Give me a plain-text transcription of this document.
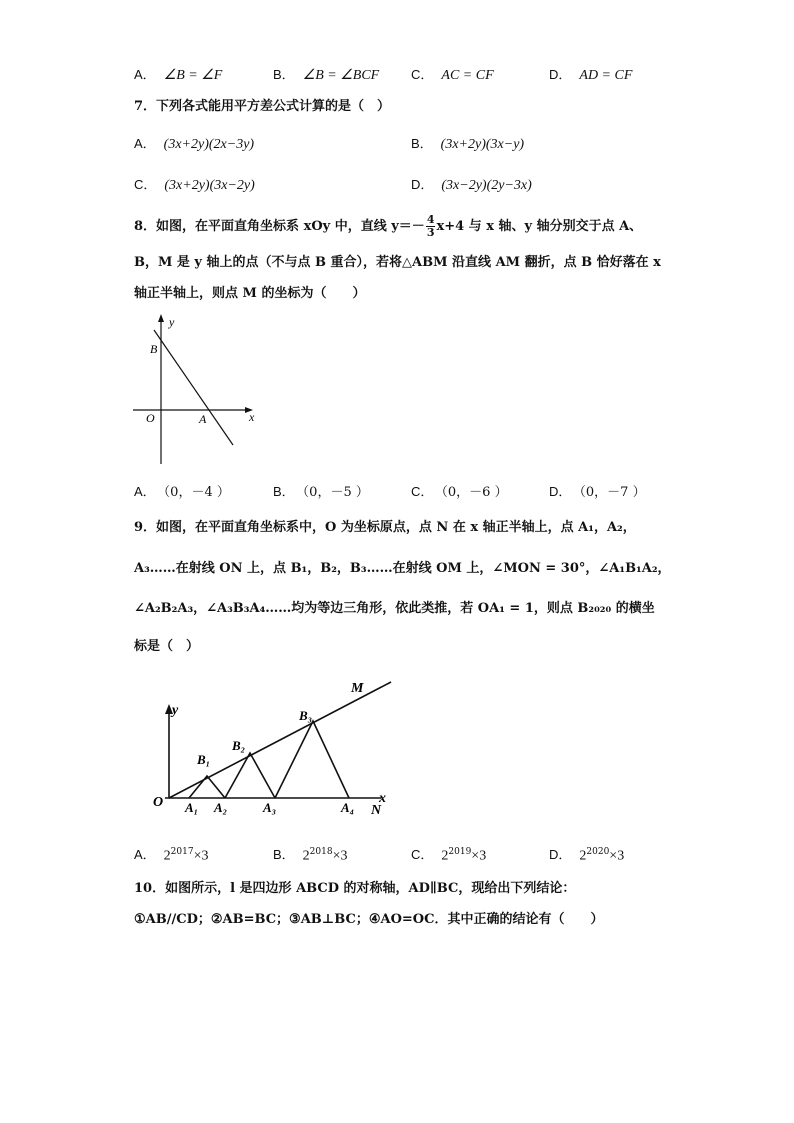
A． ∠B = ∠F	B． ∠B = ∠BCF C． AC = CF	D． AD = CF
7．下列各式能用平方差公式计算的是（　）
A． (3x+2y)(2x−3y)	B． (3x+2y)(3x−y)
C． (3x+2y)(3x−2y)	D． (3x−2y)(2y−3x)
8．如图，在平面直角坐标系 xOy 中，直线 $y=- \frac{4}{3} x+4$ 与 x 轴、y 轴分别交于点 A、
B，M 是 y 轴上的点（不与点 B 重合），若将△ABM 沿直线 AM 翻折，点 B 恰好落在 x
轴正半轴上，则点 M 的坐标为（　　）
y
x
B
O	A
A． （0，－4 ）	B． （0，－5 ）	C． （0，－6 ）	D． （0，－7 ）
9．如图，在平面直角坐标系中，O 为坐标原点，点 N 在 x 轴正半轴上，点 A₁，A₂，
A₃……在射线 ON 上，点 B₁，B₂，B₃……在射线 OM 上，∠MON = 30°，∠A₁B₁A₂，
∠A₂B₂A₃，∠A₃B₃A₄……均为等边三角形，依此类推，若 OA₁ = 1，则点 B₂₀₂₀ 的横坐
标是（　）
M
y	B₃
B₂
B₁
O A₁ A₂	A₃	A₄
x
N
A． $2^{2017}\times 3$	B． $2^{2018}\times 3$	C． $2^{2019}\times 3$	D． $2^{2020}\times 3$
10．如图所示，l 是四边形 ABCD 的对称轴，AD∥BC，现给出下列结论：
①AB//CD；②AB=BC；③AB⊥BC；④AO=OC．其中正确的结论有（　　）
